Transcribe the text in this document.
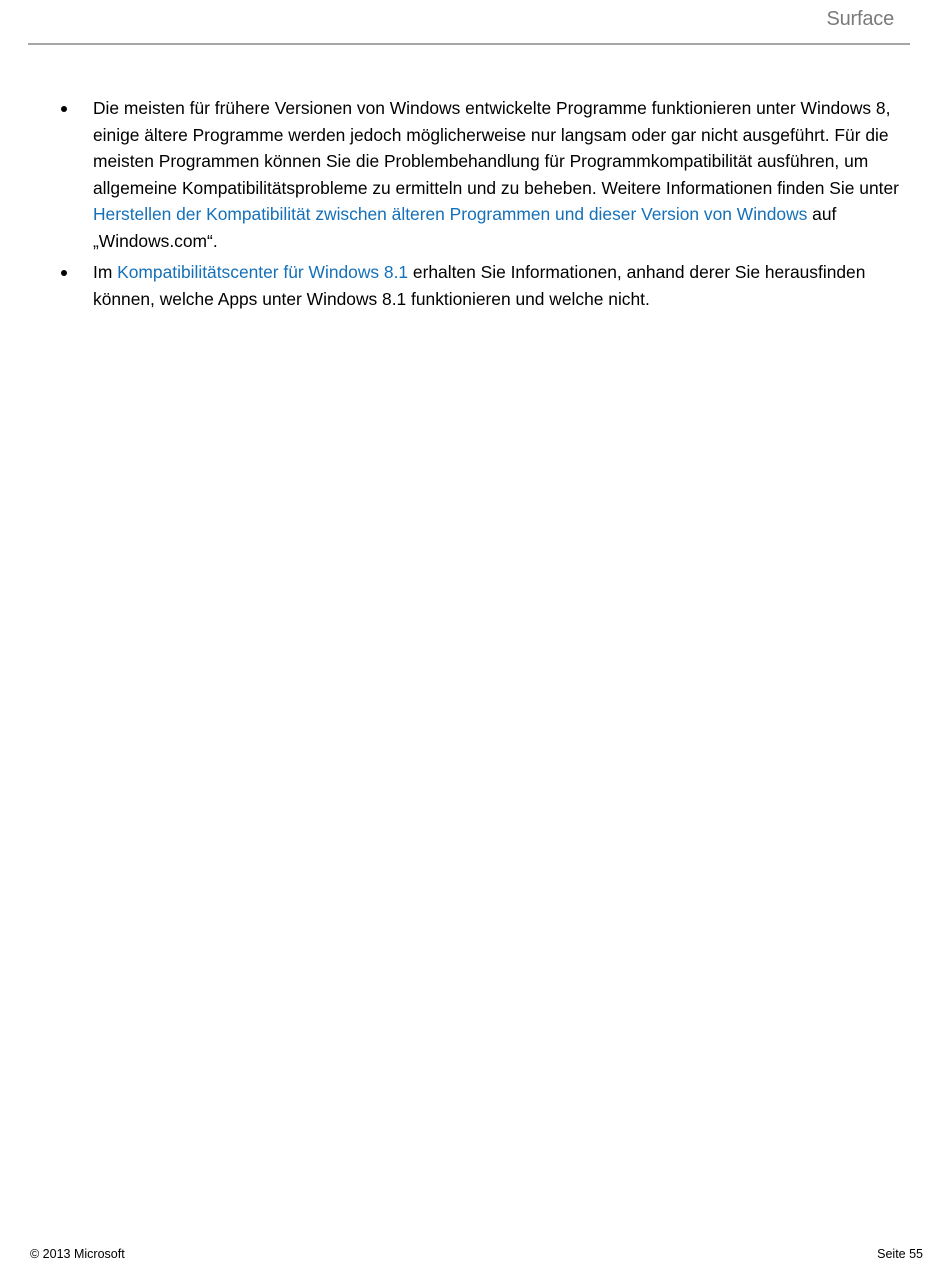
Surface
Die meisten für frühere Versionen von Windows entwickelte Programme funktionieren unter Windows 8, einige ältere Programme werden jedoch möglicherweise nur langsam oder gar nicht ausgeführt. Für die meisten Programmen können Sie die Problembehandlung für Programmkompatibilität ausführen, um allgemeine Kompatibilitätsprobleme zu ermitteln und zu beheben. Weitere Informationen finden Sie unter Herstellen der Kompatibilität zwischen älteren Programmen und dieser Version von Windows auf „Windows.com“.
Im Kompatibilitätscenter für Windows 8.1 erhalten Sie Informationen, anhand derer Sie herausfinden können, welche Apps unter Windows 8.1 funktionieren und welche nicht.
© 2013 Microsoft	Seite 55
